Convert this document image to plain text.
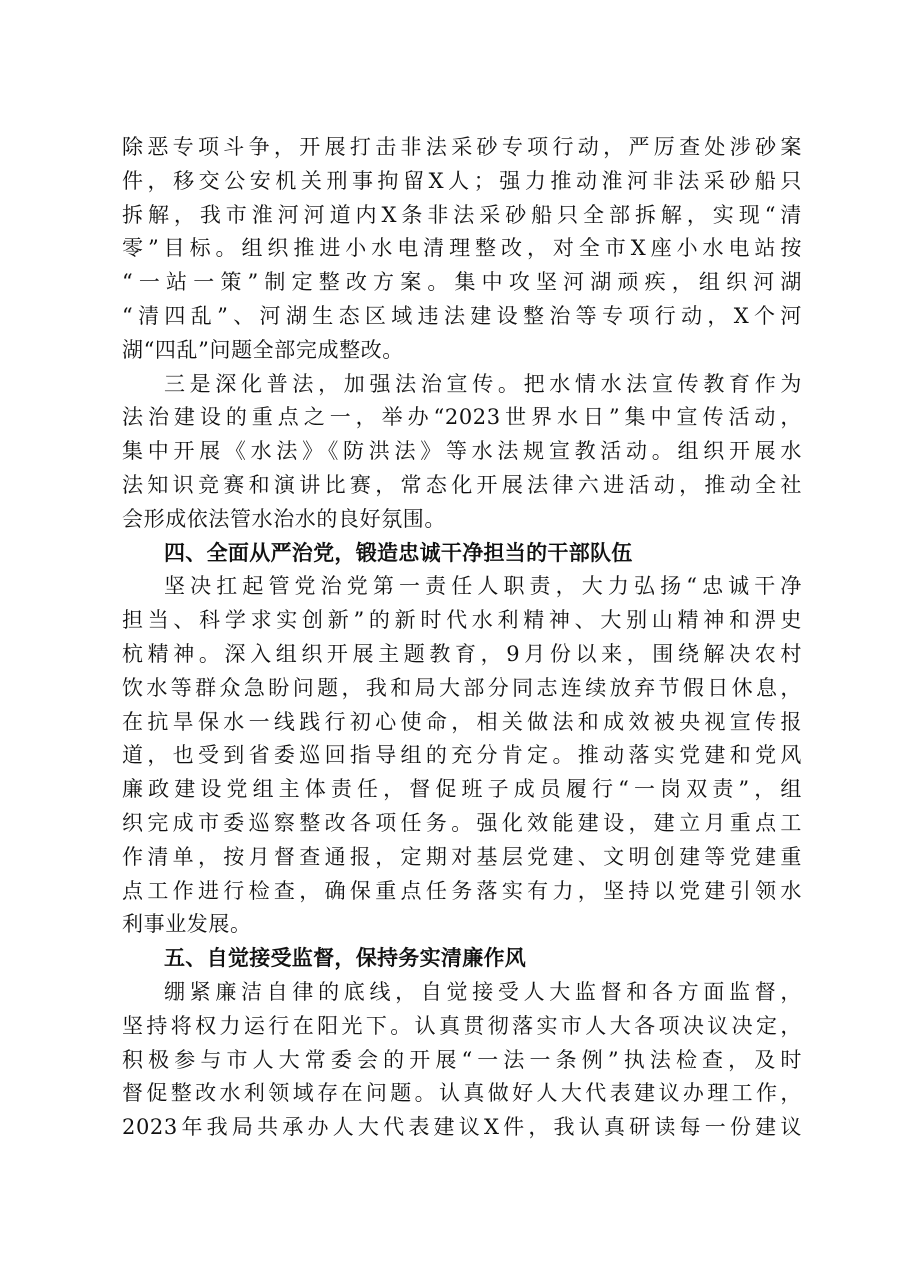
除恶专项斗争，开展打击非法采砂专项行动，严厉查处涉砂案
件，移交公安机关刑事拘留X人；强力推动淮河非法采砂船只
拆解，我市淮河河道内X条非法采砂船只全部拆解，实现“清
零”目标。组织推进小水电清理整改，对全市X座小水电站按
“一站一策”制定整改方案。集中攻坚河湖顽疾，组织河湖
“清四乱”、河湖生态区域违法建设整治等专项行动，X个河
湖“四乱”问题全部完成整改。
三是深化普法，加强法治宣传。把水情水法宣传教育作为
法治建设的重点之一，举办“2023世界水日”集中宣传活动，
集中开展《水法》《防洪法》等水法规宣教活动。组织开展水
法知识竞赛和演讲比赛，常态化开展法律六进活动，推动全社
会形成依法管水治水的良好氛围。
四、全面从严治党，锻造忠诚干净担当的干部队伍
坚决扛起管党治党第一责任人职责，大力弘扬“忠诚干净
担当、科学求实创新”的新时代水利精神、大别山精神和淠史
杭精神。深入组织开展主题教育，9月份以来，围绕解决农村
饮水等群众急盼问题，我和局大部分同志连续放弃节假日休息，
在抗旱保水一线践行初心使命，相关做法和成效被央视宣传报
道，也受到省委巡回指导组的充分肯定。推动落实党建和党风
廉政建设党组主体责任，督促班子成员履行“一岗双责”，组
织完成市委巡察整改各项任务。强化效能建设，建立月重点工
作清单，按月督查通报，定期对基层党建、文明创建等党建重
点工作进行检查，确保重点任务落实有力，坚持以党建引领水
利事业发展。
五、自觉接受监督，保持务实清廉作风
绷紧廉洁自律的底线，自觉接受人大监督和各方面监督，
坚持将权力运行在阳光下。认真贯彻落实市人大各项决议决定，
积极参与市人大常委会的开展“一法一条例”执法检查，及时
督促整改水利领域存在问题。认真做好人大代表建议办理工作，
2023年我局共承办人大代表建议X件，我认真研读每一份建议
